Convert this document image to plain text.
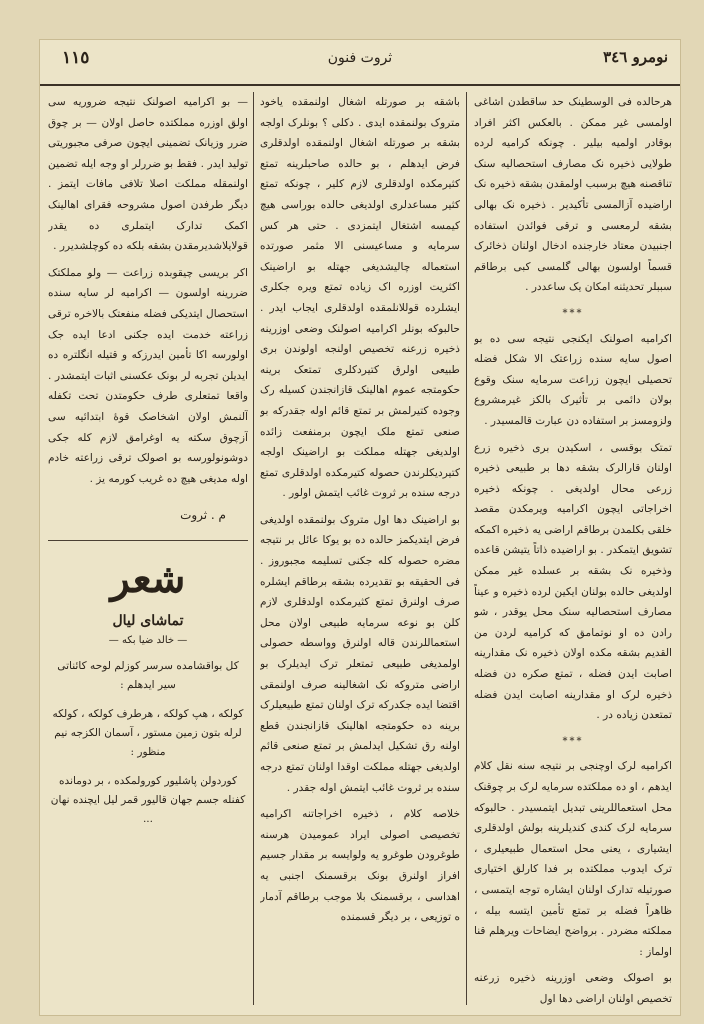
نومرو ٣٤٦
ثروت فنون
١١٥

هرحالده فی الوسطینک حد ساقطدن اشاغی اولمسی غیر ممکن . بالعکس اکثر افراد بوقادر اولمیه بیلیر . چونکه کرامیه لرده طولایی ذخیره نک مصارف استحصالیه سنک تناقصنه هیچ برسبب اولمقدن بشقه ذخیره نک اراضیده آزالمسی تأکیدیر . ذخیره نک بهالی بشقه لرمعسی و ترقی فوائدن استفاده اجنبیدن معتاد خارجنده ادخال اولنان ذخائرک قسماً اولسون بهالی گلمسی کبی برطاقم سببلر تحدیثنه امکان یک ساعددر .

***

اکرامیه اصولنک ایکنجی نتیجه سی ده بو اصول سایه سنده زراعتک الا شکل فضله تحصیلی ایچون زراعت سرمایه سنک وقوع بولان دائمی بر تأثیرک بالکز غیرمشروع ولزومسز بر استفاده دن عبارت قالمسیدر .

تمتک بوقسی ، اسکیدن بری ذخیره زرع اولنان قارالرک بشقه دها بر طبیعی ذخیره زرعی محال اولدیغی . چونکه ذخیره اخراجاتی ایچون اکرامیه ویرمکدن مقصد خلقی بکلمدن برطاقم اراضی یه ذخیره اکمکه تشویق ایتمکدر . بو اراضیده ذاتاً یتیشن قاعده وذخیره نک بشقه بر عسلده غیر ممکن اولدیغی حالده بولنان ایکین لرده ذخیره و عیناً مصارف استحصالیه سنک محل یوقدر ، شو رادن ده او نوتمامق که کرامیه لردن من القدیم بشقه مکده اولان ذخیره نک مقدارینه اصابت ایدن فضله ، تمتع صکره دن فضله ذخیره لرک او مقدارینه اصابت ایدن فضله تمتعدن زیاده در .

***

اکرامیه لرک اوچنجی بر نتیجه سنه نقل کلام ایدهم ، او ده مملکتده سرمایه لرک بر چوقنک محل استعماللرینی تبدیل ایتمسیدر . حالبوکه سرمایه لرک کندی کندیلرینه بولش اولدقلری ایشیاری ، یعنی محل استعمال طبیعیلری ، ترک ایدوب مملکتده بر فدا کارلق اختیاری صورتیله تدارک اولنان ایشاره توجه ایتمسی ، ظاهراً فضله بر تمتع تأمین ایتسه بیله ، مملکته مضردر . برواضح ایضاحات ویرهلم قنا اولماز :

بو اصولک وضعی اوزرینه ذخیره زرعنه تخصیص اولنان اراضی دها اول

باشقه بر صورتله اشغال اولنمقده یاخود متروک بولنمقده ایدی . دکلی ؟ بونلرک اولجه بشقه بر صورتله اشغال اولنمقده اولدقلری فرض ایدهلم ، بو حالده صاحبلرینه تمتع کثیرمکده اولدقلری لازم کلیر ، چونکه تمتع کثیر مساعدلری اولدیغی حالده بوراسی هیچ کیمسه اشتغال ایتمزدی . حتی هر کس سرمایه و مساعیسنی الا مثمر صورتده استعماله چالیشدیغی جهتله بو اراضینک اکثریت اوزره اک زیاده تمتع ویره جکلری ایشلرده قوللانلمقده اولدقلری ایجاب ایدر . حالبوکه بونلر اکرامیه اصولنک وضعی اوزرینه ذخیره زرعنه تخصیص اولنجه اولوندن بری طبیعی اولرق کتیردکلری تمتعک برینه حکومتجه عموم اهالینک قازانجندن کسیله رک وجوده کتیرلمش بر تمتع قائم اوله جقدرکه بو صنعی تمتع ملک ایچون برمنفعت زائده اولدیغی جهتله مملکت بو اراضینک اولجه کتیردیکلرندن حصوله کتیرمکده اولدقلری تمتع درجه سنده بر ثروت غائب ایتمش اولور .

بو اراضینک دها اول متروک بولنمقده اولدیغی فرض ایتدیکمز حالده ده بو یوکا عائل بر نتیجه مضره حصوله کله جکنی تسلیمه مجبوروز . فی الحقیقه بو تقدیرده بشقه برطاقم ایشلره صرف اولنرق تمتع کثیرمکده اولدقلری لازم کلن بو نوعه سرمایه طبیعی اولان محل استعماللرندن قاله اولنرق وواسطه حصولی اولمدیغی طبیعی تمتعلر ترک ایدیلرک بو اراضی متروکه نک اشغالینه صرف اولنمقی اقتضا ایده جکدرکه ترک اولنان تمتع طبیعیلرک برینه ده حکومتجه اهالینک قازانجندن قطع اولنه رق تشکیل ایدلمش بر تمتع صنعی قائم اولدیغی جهتله مملکت اوقدا اولنان تمتع درجه سنده بر ثروت غائب ایتمش اوله جقدر .

خلاصه کلام ، ذخیره اخراجاتنه اکرامیه تخصیصی اصولی ایراد عمومیدن هرسنه طوغرودن طوغرو یه ولوایسه بر مقدار جسیم افراز اولنرق بونک برقسمنک اجنبی یه اهداسی ، برقسمنک بلا موجب برطاقم آدمار ه توزیعی ، بر دیگر قسمنده

— بو اکرامیه اصولنک نتیجه ضروریه سی اولق اوزره مملکتده حاصل اولان — بر چوق ضرر وزیانک تضمینی ایچون صرفی مجبوریتی تولید ایدر . فقط بو ضررلر او وجه ایله تضمین اولنمقله مملکت اصلا تلافی مافات ایتمز . دیگر طرفدن اصول مشروحه فقرای اهالینک اکمک تدارک ایتملری ده یقدر قولایلاشدیرمقدن بشقه بلکه ده کوچلشدیرر .

اکر بریسی چیقوبده زراعت — ولو مملکتک ضررینه اولسون — اکرامیه لر سایه سنده استحصال ایتدیکی فضله منفعتک بالاخره ترقی زراعته خدمت ایده جکنی ادعا ایده جک اولورسه اکا تأمین ایدرزکه و قتیله انگلتره ده ایدیلن تجربه لر بونک عکسنی اثبات ایتمشدر . واقعا تمتعلری طرف حکومتدن تحت تکفله آلنمش اولان اشخاصک قوۀ ابتدائیه سی آزچوق سکته یه اوغرامق لازم کله جکی دوشونولورسه بو اصولک ترقی زراعته خادم اوله مدیغی هیچ ده غریب کورمه یز .

م . ثروت
شعر
تماشای لیال
— خالد ضیا بکه —

کل بواقشامده سرسر کوزلم لوحه کائناتی سیر ایدهلم :

کولکه ، هپ کولکه ، هرطرف کولکه ، کولکه لرله بتون زمین مستور ، آسمان الکزجه نیم منظور :

کوردولن پاشلیور کورولمکده ، بر دومانده کفنله جسم جهان قالیور قمر لیل ایچنده نهان ...
